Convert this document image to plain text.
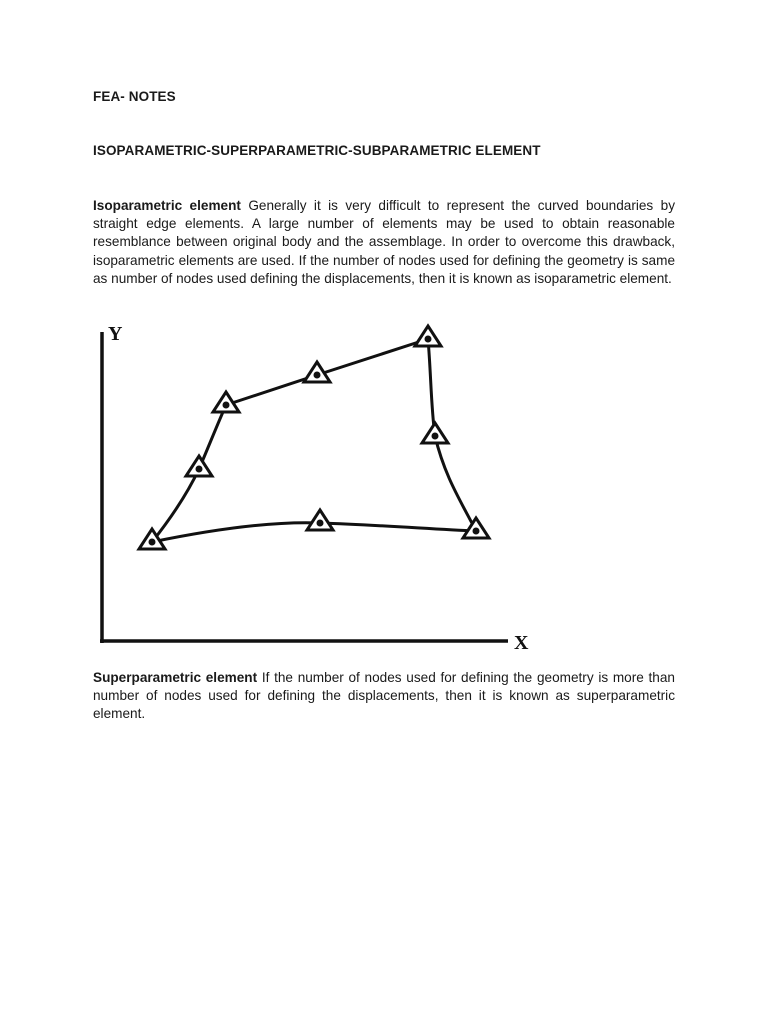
FEA- NOTES
ISOPARAMETRIC-SUPERPARAMETRIC-SUBPARAMETRIC ELEMENT

Isoparametric element Generally it is very difficult to represent the curved boundaries by straight edge elements. A large number of elements may be used to obtain reasonable resemblance between original body and the assemblage. In order to overcome this drawback, isoparametric elements are used. If the number of nodes used for defining the geometry is same as number of nodes used defining the displacements, then it is known as isoparametric element.

Y
X

Superparametric element If the number of nodes used for defining the geometry is more than number of nodes used for defining the displacements, then it is known as superparametric element.
